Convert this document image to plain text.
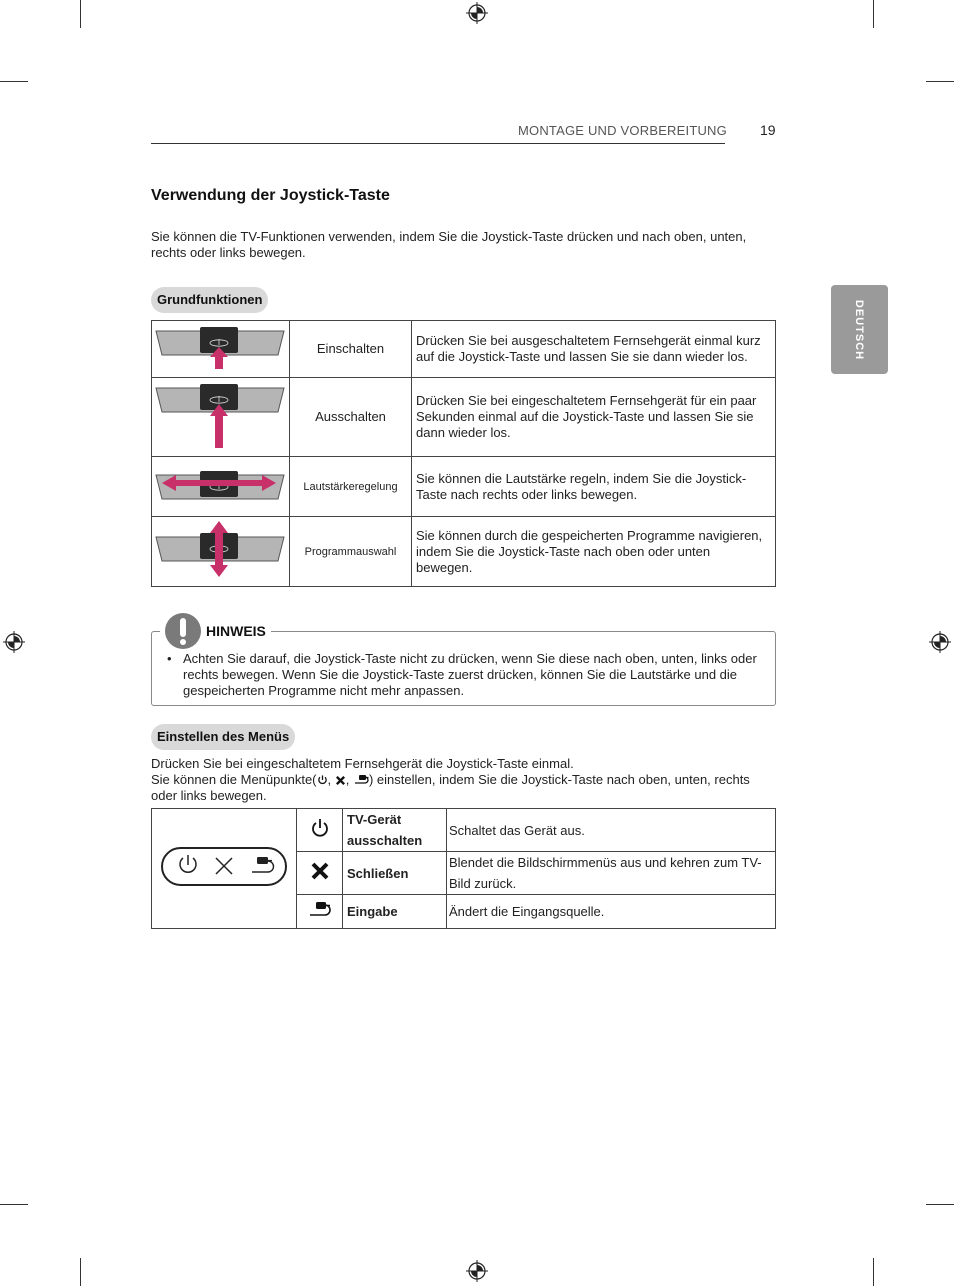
MONTAGE UND VORBEREITUNG 19
DEUTSCH
Verwendung der Joystick-Taste
Sie können die TV-Funktionen verwenden, indem Sie die Joystick-Taste drücken und nach oben, unten, rechts oder links bewegen.
Grundfunktionen
	Einschalten	Drücken Sie bei ausgeschaltetem Fernsehgerät einmal kurz auf die Joystick-Taste und lassen Sie sie dann wieder los.
	Ausschalten	Drücken Sie bei eingeschaltetem Fernsehgerät für ein paar Sekunden einmal auf die Joystick-Taste und lassen Sie sie dann wieder los.
	Lautstärkeregelung	Sie können die Lautstärke regeln, indem Sie die Joystick-Taste nach rechts oder links bewegen.
	Programmauswahl	Sie können durch die gespeicherten Programme navigieren, indem Sie die Joystick-Taste nach oben oder unten bewegen.
HINWEIS
• Achten Sie darauf, die Joystick-Taste nicht zu drücken, wenn Sie diese nach oben, unten, links oder rechts bewegen. Wenn Sie die Joystick-Taste zuerst drücken, können Sie die Lautstärke und die gespeicherten Programme nicht mehr anpassen.
Einstellen des Menüs
Drücken Sie bei eingeschaltetem Fernsehgerät die Joystick-Taste einmal.
Sie können die Menüpunkte( , , ) einstellen, indem Sie die Joystick-Taste nach oben, unten, rechts oder links bewegen.
		TV-Gerät ausschalten	Schaltet das Gerät aus.
	Schließen	Blendet die Bildschirmmenüs aus und kehren zum TV-Bild zurück.
	Eingabe	Ändert die Eingangsquelle.
